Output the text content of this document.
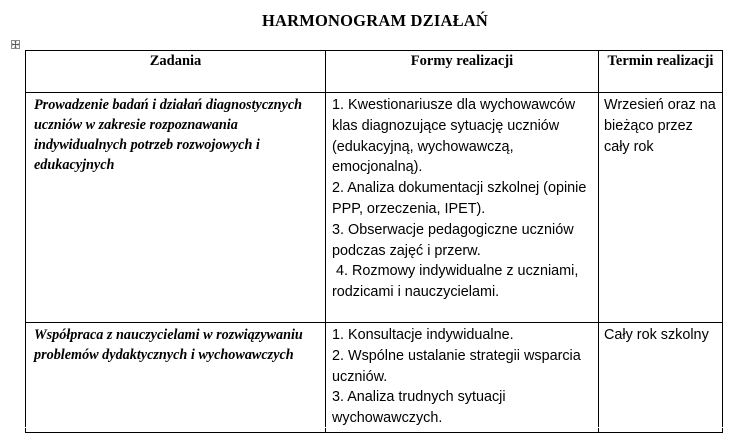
HARMONOGRAM DZIAŁAŃ
Zadania	Formy realizacji	Termin realizacji

Prowadzenie badań i działań diagnostycznych uczniów w zakresie rozpoznawania indywidualnych potrzeb rozwojowych i edukacyjnych	1. Kwestionariusze dla wychowawców klas diagnozujące sytuację uczniów (edukacyjną, wychowawczą, emocjonalną).
2. Analiza dokumentacji szkolnej (opinie PPP, orzeczenia, IPET).
3. Obserwacje pedagogiczne uczniów podczas zajęć i przerw.
4. Rozmowy indywidualne z uczniami, rodzicami i nauczycielami.	Wrzesień oraz na bieżąco przez cały rok

Współpraca z nauczycielami w rozwiązywaniu problemów dydaktycznych i wychowawczych	1. Konsultacje indywidualne.
2. Wspólne ustalanie strategii wsparcia uczniów.
3. Analiza trudnych sytuacji wychowawczych.	Cały rok szkolny
